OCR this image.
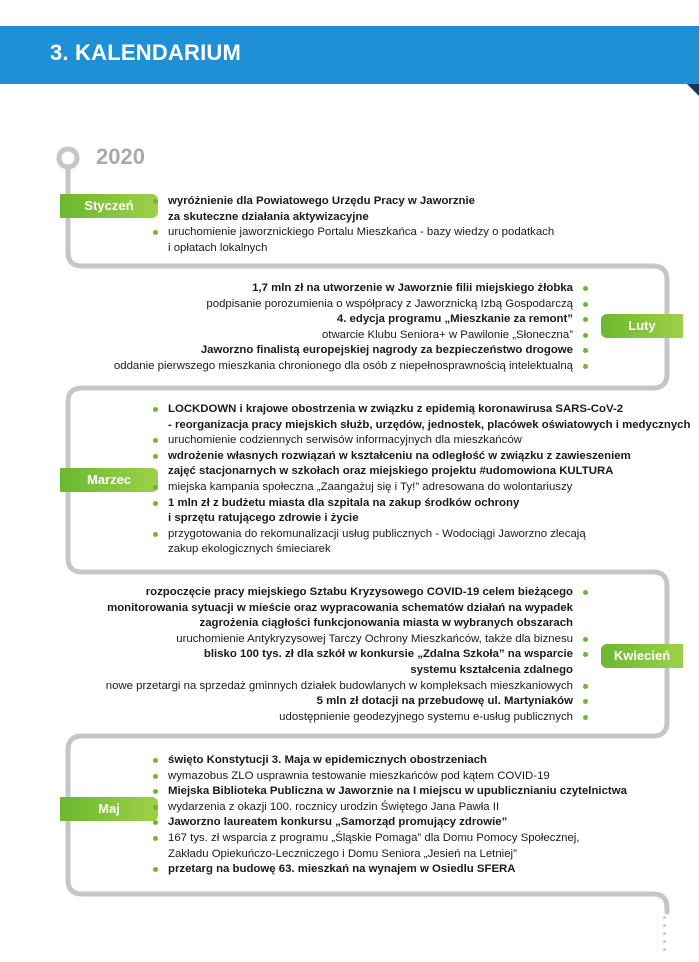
3. KALENDARIUM
2020
Styczeń	wyróżnienie dla Powiatowego Urzędu Pracy w Jaworznie
za skuteczne działania aktywizacyjne
uruchomienie jaworznickiego Portalu Mieszkańca - bazy wiedzy o podatkach
i opłatach lokalnych
Luty
1,7 mln zł na utworzenie w Jaworznie filii miejskiego żłobka
podpisanie porozumienia o współpracy z Jaworznicką Izbą Gospodarczą
4. edycja programu „Mieszkanie za remont”
otwarcie Klubu Seniora+ w Pawilonie „Słoneczna”
Jaworzno finalistą europejskiej nagrody za bezpieczeństwo drogowe
oddanie pierwszego mieszkania chronionego dla osób z niepełnosprawnością intelektualną
Marzec
LOCKDOWN i krajowe obostrzenia w związku z epidemią koronawirusa SARS-CoV-2
- reorganizacja pracy miejskich służb, urzędów, jednostek, placówek oświatowych i medycznych
uruchomienie codziennych serwisów informacyjnych dla mieszkańców
wdrożenie własnych rozwiązań w kształceniu na odległość w związku z zawieszeniem
zajęć stacjonarnych w szkołach oraz miejskiego projektu #udomowiona KULTURA
miejska kampania społeczna „Zaangażuj się i Ty!” adresowana do wolontariuszy
1 mln zł z budżetu miasta dla szpitala na zakup środków ochrony
i sprzętu ratującego zdrowie i życie
przygotowania do rekomunalizacji usług publicznych - Wodociągi Jaworzno zlecają
zakup ekologicznych śmieciarek
Kwiecień
rozpoczęcie pracy miejskiego Sztabu Kryzysowego COVID-19 celem bieżącego
monitorowania sytuacji w mieście oraz wypracowania schematów działań na wypadek
zagrożenia ciągłości funkcjonowania miasta w wybranych obszarach
uruchomienie Antykryzysowej Tarczy Ochrony Mieszkańców, także dla biznesu
blisko 100 tys. zł dla szkół w konkursie „Zdalna Szkoła” na wsparcie
systemu kształcenia zdalnego
nowe przetargi na sprzedaż gminnych działek budowlanych w kompleksach mieszkaniowych
5 mln zł dotacji na przebudowę ul. Martyniaków
udostępnienie geodezyjnego systemu e-usług publicznych
Maj
święto Konstytucji 3. Maja w epidemicznych obostrzeniach
wymazobus ZLO usprawnia testowanie mieszkańców pod kątem COVID-19
Miejska Biblioteka Publiczna w Jaworznie na I miejscu w upublicznianiu czytelnictwa
wydarzenia z okazji 100. rocznicy urodzin Świętego Jana Pawła II
Jaworzno laureatem konkursu „Samorząd promujący zdrowie”
167 tys. zł wsparcia z programu „Śląskie Pomaga” dla Domu Pomocy Społecznej,
Zakładu Opiekuńczo-Leczniczego i Domu Seniora „Jesień na Letniej”
przetarg na budowę 63. mieszkań na wynajem w Osiedlu SFERA
